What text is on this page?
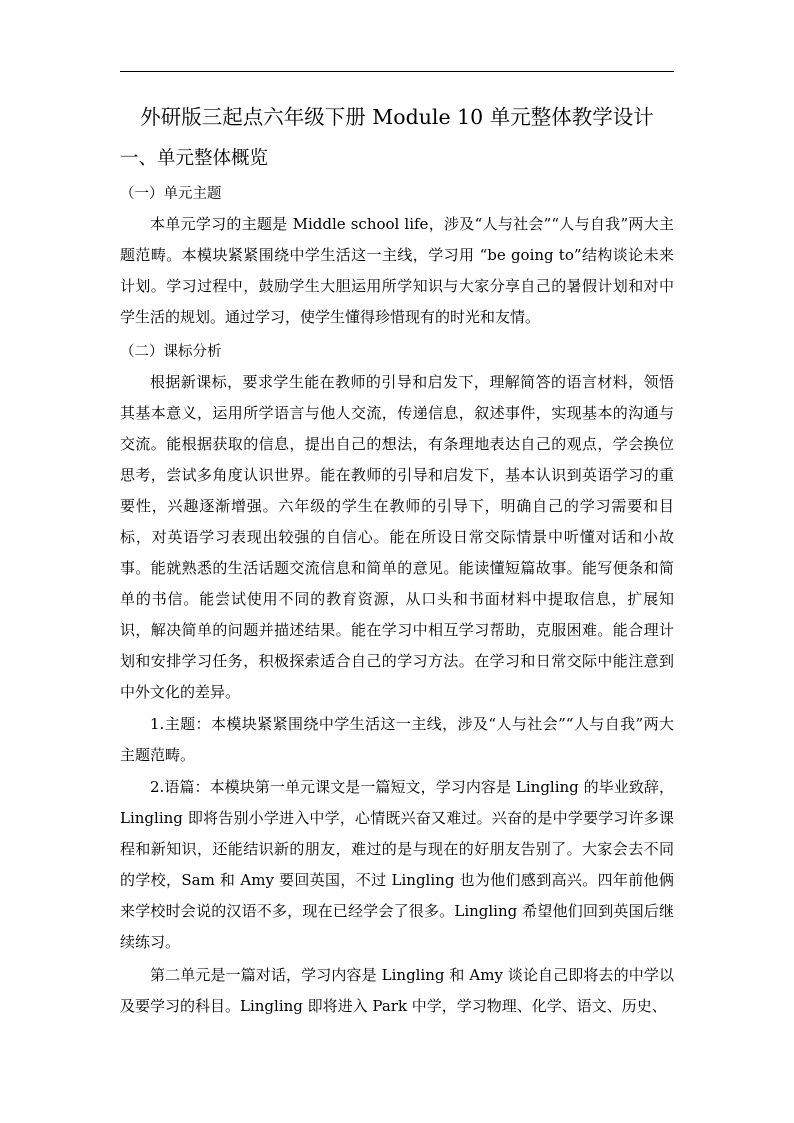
外研版三起点六年级下册 Module 10 单元整体教学设计
一、单元整体概览
（一）单元主题
本单元学习的主题是 Middle school life，涉及“人与社会”“人与自我”两大主题范畴。本模块紧紧围绕中学生活这一主线，学习用 “be going to”结构谈论未来计划。学习过程中，鼓励学生大胆运用所学知识与大家分享自己的暑假计划和对中学生活的规划。通过学习，使学生懂得珍惜现有的时光和友情。
（二）课标分析
根据新课标，要求学生能在教师的引导和启发下，理解简答的语言材料，领悟其基本意义，运用所学语言与他人交流，传递信息，叙述事件，实现基本的沟通与交流。能根据获取的信息，提出自己的想法，有条理地表达自己的观点，学会换位思考，尝试多角度认识世界。能在教师的引导和启发下，基本认识到英语学习的重要性，兴趣逐渐增强。六年级的学生在教师的引导下，明确自己的学习需要和目标，对英语学习表现出较强的自信心。能在所设日常交际情景中听懂对话和小故事。能就熟悉的生活话题交流信息和简单的意见。能读懂短篇故事。能写便条和简单的书信。能尝试使用不同的教育资源，从口头和书面材料中提取信息，扩展知识，解决简单的问题并描述结果。能在学习中相互学习帮助，克服困难。能合理计划和安排学习任务，积极探索适合自己的学习方法。在学习和日常交际中能注意到中外文化的差异。
1.主题：本模块紧紧围绕中学生活这一主线，涉及“人与社会”“人与自我”两大主题范畴。
2.语篇：本模块第一单元课文是一篇短文，学习内容是 Lingling 的毕业致辞，Lingling 即将告别小学进入中学，心情既兴奋又难过。兴奋的是中学要学习许多课程和新知识，还能结识新的朋友，难过的是与现在的好朋友告别了。大家会去不同的学校，Sam 和 Amy 要回英国，不过 Lingling 也为他们感到高兴。四年前他俩来学校时会说的汉语不多，现在已经学会了很多。Lingling 希望他们回到英国后继续练习。
第二单元是一篇对话，学习内容是 Lingling 和 Amy 谈论自己即将去的中学以及要学习的科目。Lingling 即将进入 Park 中学，学习物理、化学、语文、历史、
